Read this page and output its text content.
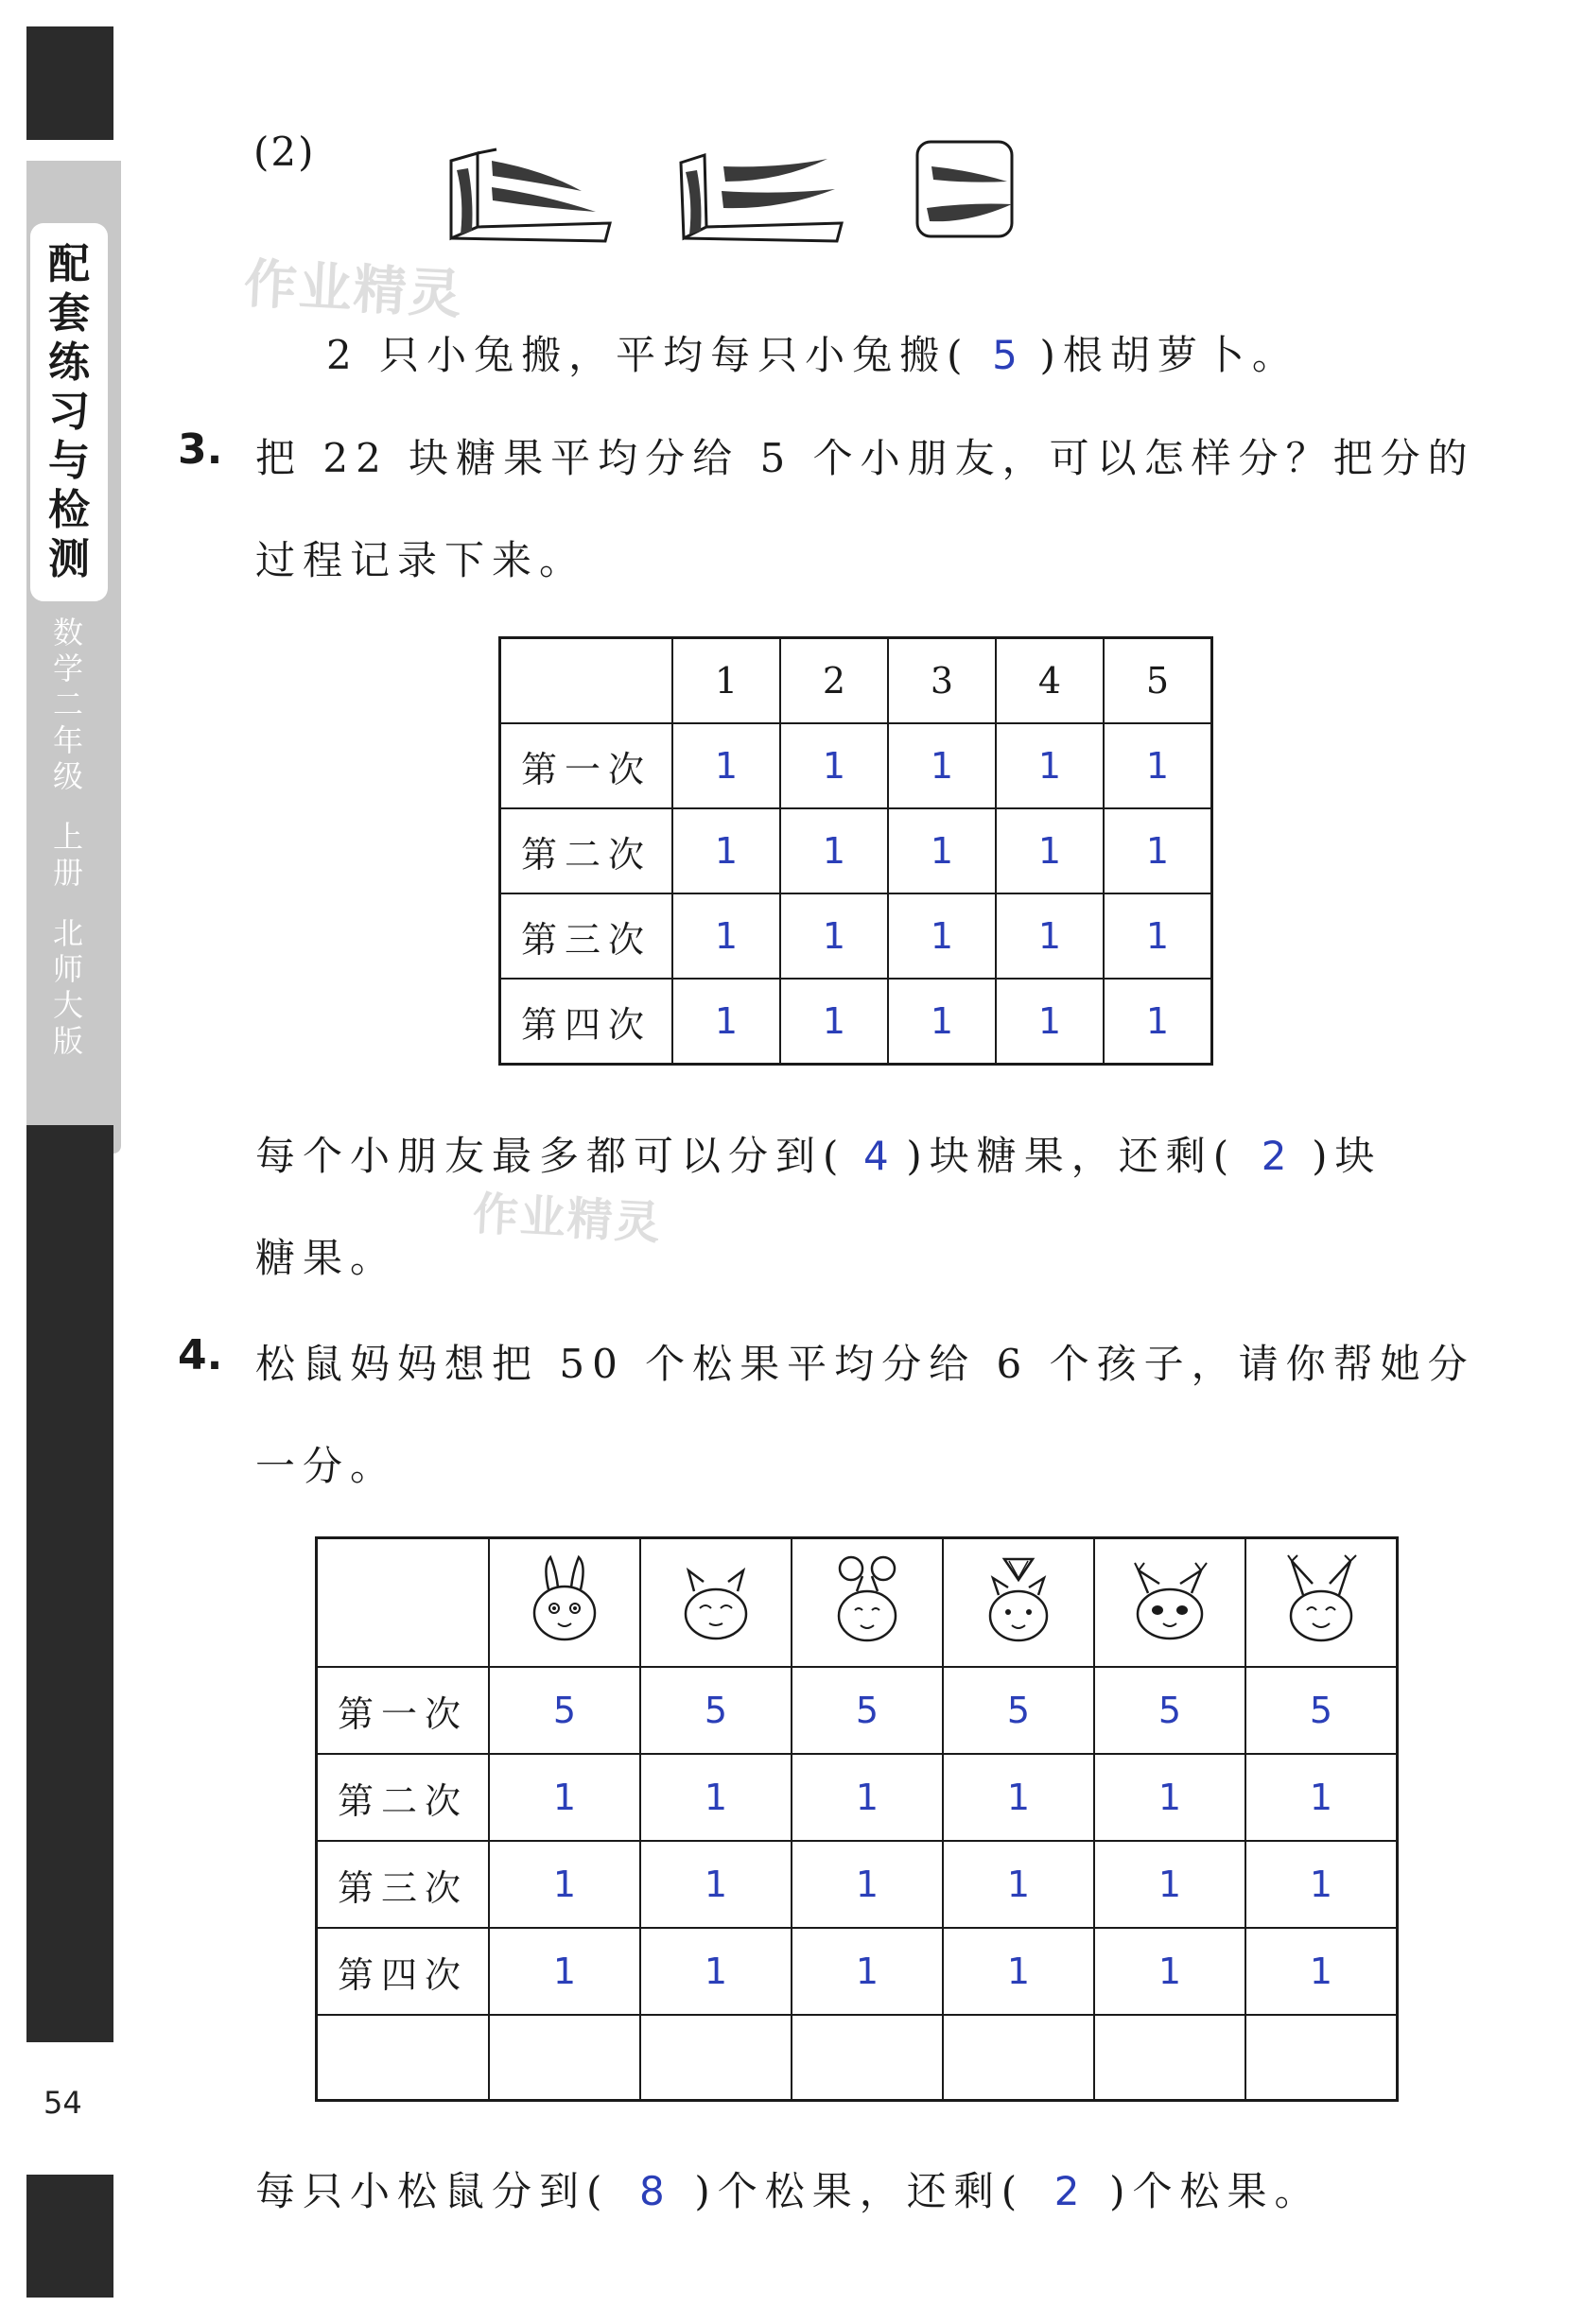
配
套
练
习
与
检
测
数
学
二
年
级
上
册
北
师
大
版
54
(2)
作业精灵
2 只小兔搬，平均每只小兔搬( 5 )根胡萝卜。
3. 把 22 块糖果平均分给 5 个小朋友，可以怎样分？把分的
过程记录下来。
	1	2	3	4	5
第一次	1	1	1	1	1
第二次	1	1	1	1	1
第三次	1	1	1	1	1
第四次	1	1	1	1	1
每个小朋友最多都可以分到( 4 )块糖果，还剩( 2 )块
糖果。
作业精灵
4. 松鼠妈妈想把 50 个松果平均分给 6 个孩子，请你帮她分
一分。

第一次	5	5	5	5	5	5
第二次	1	1	1	1	1	1
第三次	1	1	1	1	1	1
第四次	1	1	1	1	1	1

每只小松鼠分到( 8 )个松果，还剩( 2 )个松果。
